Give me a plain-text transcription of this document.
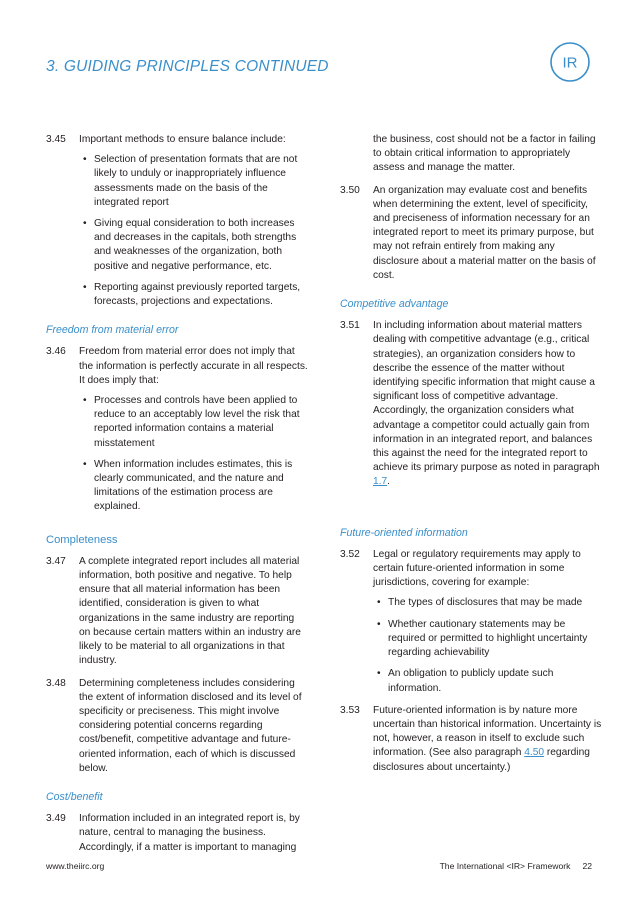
3. GUIDING PRINCIPLES CONTINUED	IR
3.45	Important methods to ensure balance include:
• Selection of presentation formats that are not likely to unduly or inappropriately influence assessments made on the basis of the integrated report
• Giving equal consideration to both increases and decreases in the capitals, both strengths and weaknesses of the organization, both positive and negative performance, etc.
• Reporting against previously reported targets, forecasts, projections and expectations.
Freedom from material error
3.46	Freedom from material error does not imply that the information is perfectly accurate in all respects. It does imply that:
• Processes and controls have been applied to reduce to an acceptably low level the risk that reported information contains a material misstatement
• When information includes estimates, this is clearly communicated, and the nature and limitations of the estimation process are explained.
Completeness
3.47	A complete integrated report includes all material information, both positive and negative. To help ensure that all material information has been identified, consideration is given to what organizations in the same industry are reporting on because certain matters within an industry are likely to be material to all organizations in that industry.
3.48	Determining completeness includes considering the extent of information disclosed and its level of specificity or preciseness. This might involve considering potential concerns regarding cost/benefit, competitive advantage and future-oriented information, each of which is discussed below.
Cost/benefit
3.49	Information included in an integrated report is, by nature, central to managing the business. Accordingly, if a matter is important to managing
the business, cost should not be a factor in failing to obtain critical information to appropriately assess and manage the matter.
3.50	An organization may evaluate cost and benefits when determining the extent, level of specificity, and preciseness of information necessary for an integrated report to meet its primary purpose, but may not refrain entirely from making any disclosure about a material matter on the basis of cost.
Competitive advantage
3.51	In including information about material matters dealing with competitive advantage (e.g., critical strategies), an organization considers how to describe the essence of the matter without identifying specific information that might cause a significant loss of competitive advantage. Accordingly, the organization considers what advantage a competitor could actually gain from information in an integrated report, and balances this against the need for the integrated report to achieve its primary purpose as noted in paragraph 1.7.
Future-oriented information
3.52	Legal or regulatory requirements may apply to certain future-oriented information in some jurisdictions, covering for example:
• The types of disclosures that may be made
• Whether cautionary statements may be required or permitted to highlight uncertainty regarding achievability
• An obligation to publicly update such information.
3.53	Future-oriented information is by nature more uncertain than historical information. Uncertainty is not, however, a reason in itself to exclude such information. (See also paragraph 4.50 regarding disclosures about uncertainty.)
www.theiirc.org	The International <IR> Framework 22
